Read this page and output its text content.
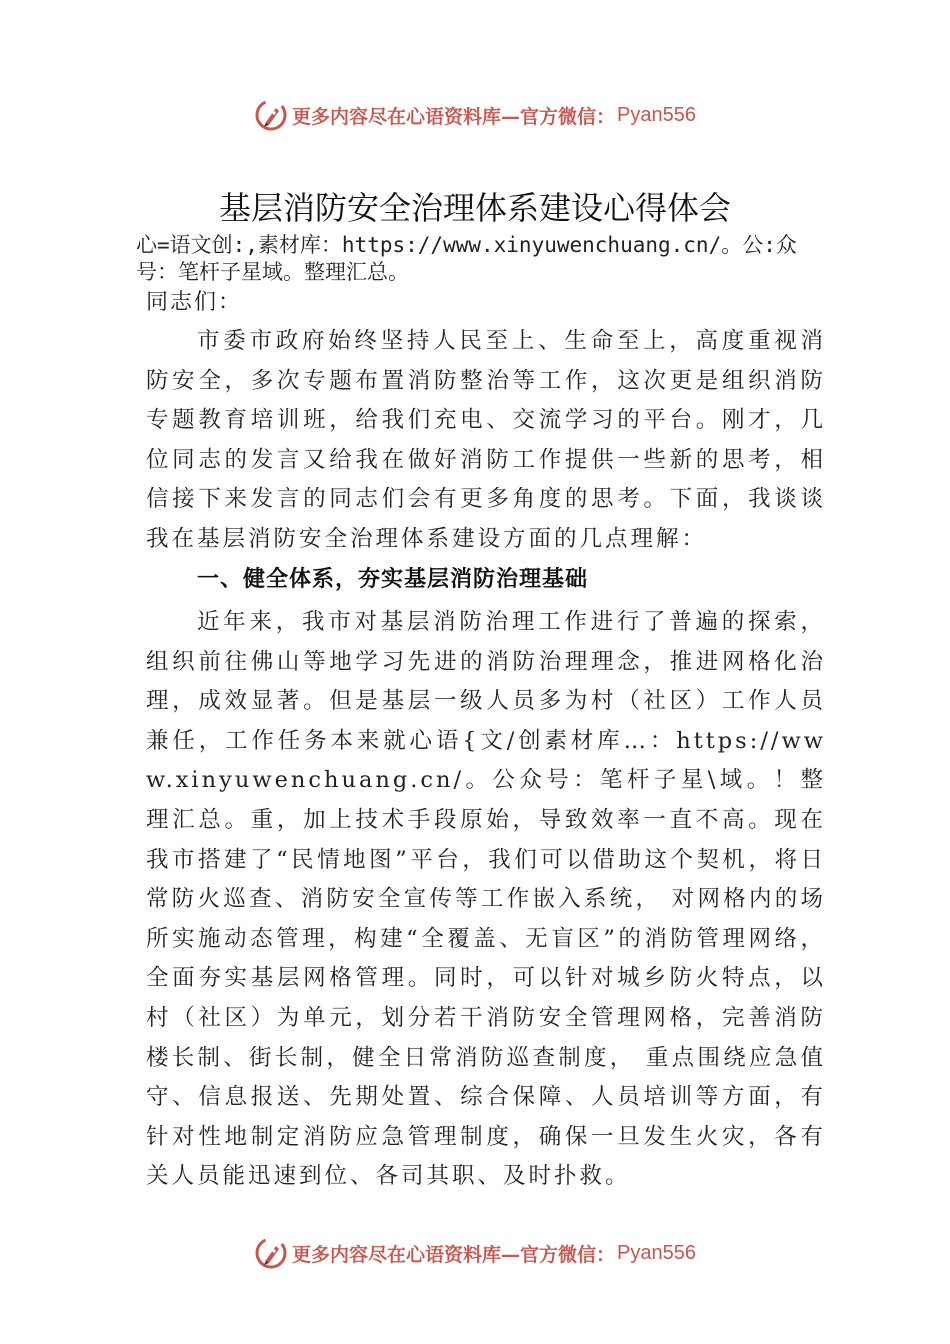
更多内容尽在心语资料库—官方微信： Pyan556
基层消防安全治理体系建设心得体会

心=语文创:,素材库：https://www.xinyuwenchuang.cn/。公:众号：笔杆子星域。整理汇总。

同志们：

市委市政府始终坚持人民至上、生命至上，高度重视消防安全，多次专题布置消防整治等工作，这次更是组织消防专题教育培训班，给我们充电、交流学习的平台。刚才，几位同志的发言又给我在做好消防工作提供一些新的思考，相信接下来发言的同志们会有更多角度的思考。下面，我谈谈我在基层消防安全治理体系建设方面的几点理解：

一、健全体系，夯实基层消防治理基础

近年来，我市对基层消防治理工作进行了普遍的探索，组织前往佛山等地学习先进的消防治理理念，推进网格化治理，成效显著。但是基层一级人员多为村（社区）工作人员兼任，工作任务本来就心语{文/创素材库…：https://www.xinyuwenchuang.cn/。公众号：笔杆子星\域。！整理汇总。重，加上技术手段原始，导致效率一直不高。现在我市搭建了“民情地图”平台，我们可以借助这个契机，将日常防火巡查、消防安全宣传等工作嵌入系统， 对网格内的场所实施动态管理，构建“全覆盖、无盲区”的消防管理网络，全面夯实基层网格管理。同时，可以针对城乡防火特点，以村（社区）为单元，划分若干消防安全管理网格，完善消防楼长制、街长制，健全日常消防巡查制度， 重点围绕应急值守、信息报送、先期处置、综合保障、人员培训等方面，有针对性地制定消防应急管理制度，确保一旦发生火灾，各有关人员能迅速到位、各司其职、及时扑救。

更多内容尽在心语资料库—官方微信： Pyan556
